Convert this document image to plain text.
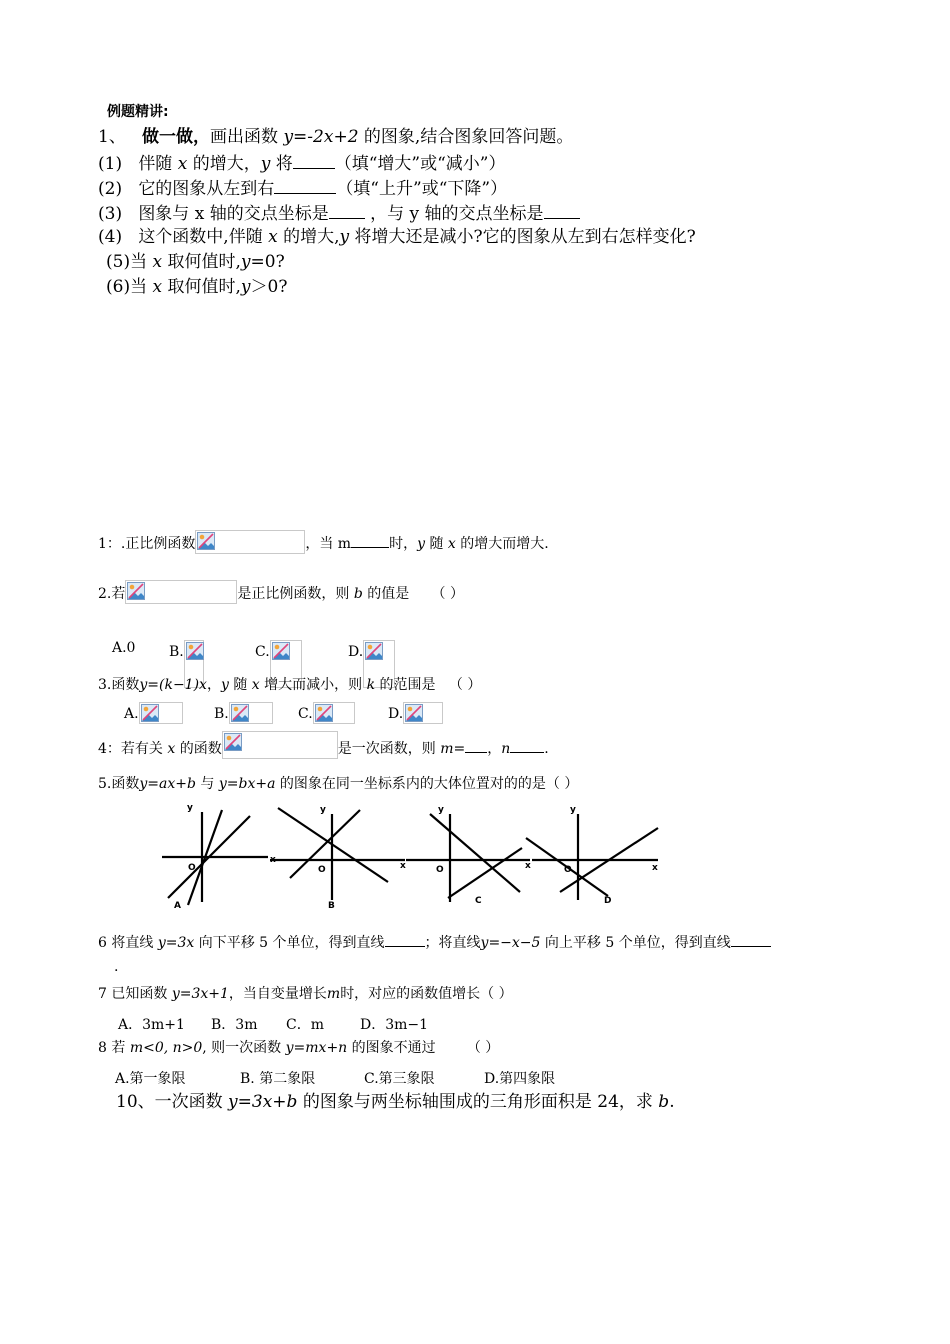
例题精讲:
1、 做一做，画出函数 y=-2x+2 的图象,结合图象回答问题。
(1) 伴随 x 的增大，y 将 （填“增大”或“减小”）
(2) 它的图象从左到右	（填“上升”或“下降”）
(3) 图象与 x 轴的交点坐标是 ，与 y 轴的交点坐标是
(4) 这个函数中,伴随 x 的增大,y 将增大还是减小?它的图象从左到右怎样变化?
(5)当 x 取何值时,y=0?
(6)当 x 取何值时,y＞0?
1：.正比例函数	，当 m	时，y 随 x 的增大而增大.
2.若	是正比例函数，则 b 的值是 （ ）
A.0 B.	C.	D.
3.函数y=(k−1)x，y 随 x 增大而减小，则 k 的范围是 （ ）
A.	B.	C.	D.
4：若有关 x 的函数	是一次函数，则 m= ，n .
5.函数y=ax+b 与 y=bx+a 的图象在同一坐标系内的大体位置对的的是（ ）
y
x
O
A
y
x
O
B
y
x
O
C
y
x
O
D
6 将直线 y=3x 向下平移 5 个单位，得到直线	；将直线y=−x−5 向上平移 5 个单位，得到直线
.
7 已知函数 y=3x+1，当自变量增长m时，对应的函数值增长（ ）
A．3m+1 B．3m C．m	D．3m−1
8 若 m<0, n>0, 则一次函数 y=mx+n 的图象不通过 （ ）
A.第一象限	B. 第二象限	C.第三象限	D.第四象限
10、一次函数 y=3x+b 的图象与两坐标轴围成的三角形面积是 24，求 b.
